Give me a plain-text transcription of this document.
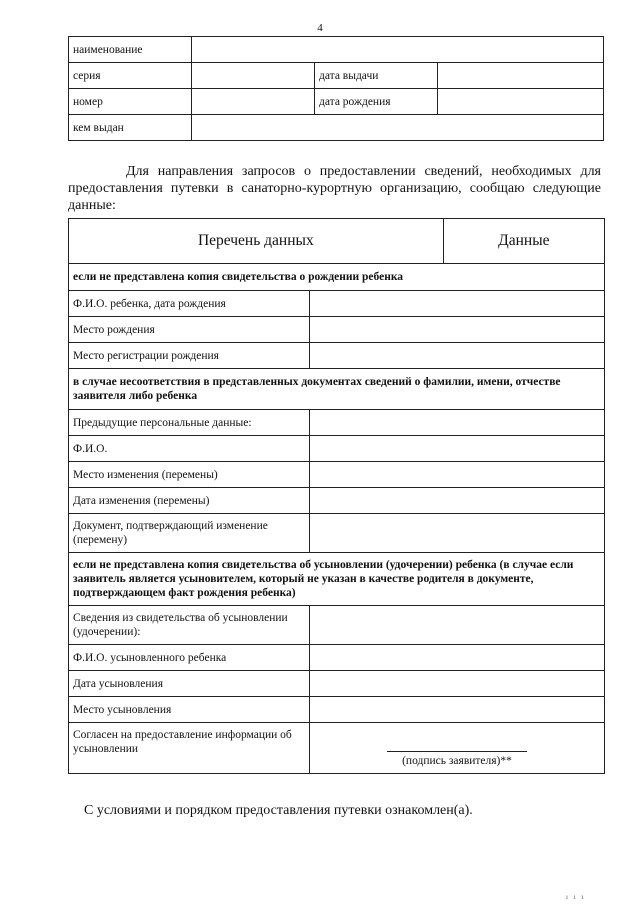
4
наименование			
серия		дата выдачи	
номер		дата рождения	
кем выдан			
Для направления запросов о предоставлении сведений, необходимых для предоставления путевки в санаторно-курортную организацию, сообщаю следующие данные:
Перечень данных		Данные
если не представлена копия свидетельства о рождении ребенка		
Ф.И.О. ребенка, дата рождения		
Место рождения		
Место регистрации рождения		
в случае несоответствия в представленных документах сведений о фамилии, имени, отчестве заявителя либо ребенка		
Предыдущие персональные данные:		
Ф.И.О.		
Место изменения (перемены)		
Дата изменения (перемены)		
Документ, подтверждающий изменение (перемену)		
если не представлена копия свидетельства об усыновлении (удочерении) ребенка (в случае если заявитель является усыновителем, который не указан в качестве родителя в документе, подтверждающем факт рождения ребенка)		
Сведения из свидетельства об усыновлении (удочерении):		
Ф.И.О. усыновленного ребенка		
Дата усыновления		
Место усыновления		
Согласен на предоставление информации об усыновлении	(подпись заявителя)**	
С условиями и порядком предоставления путевки ознакомлен(а).
ı ı ı
